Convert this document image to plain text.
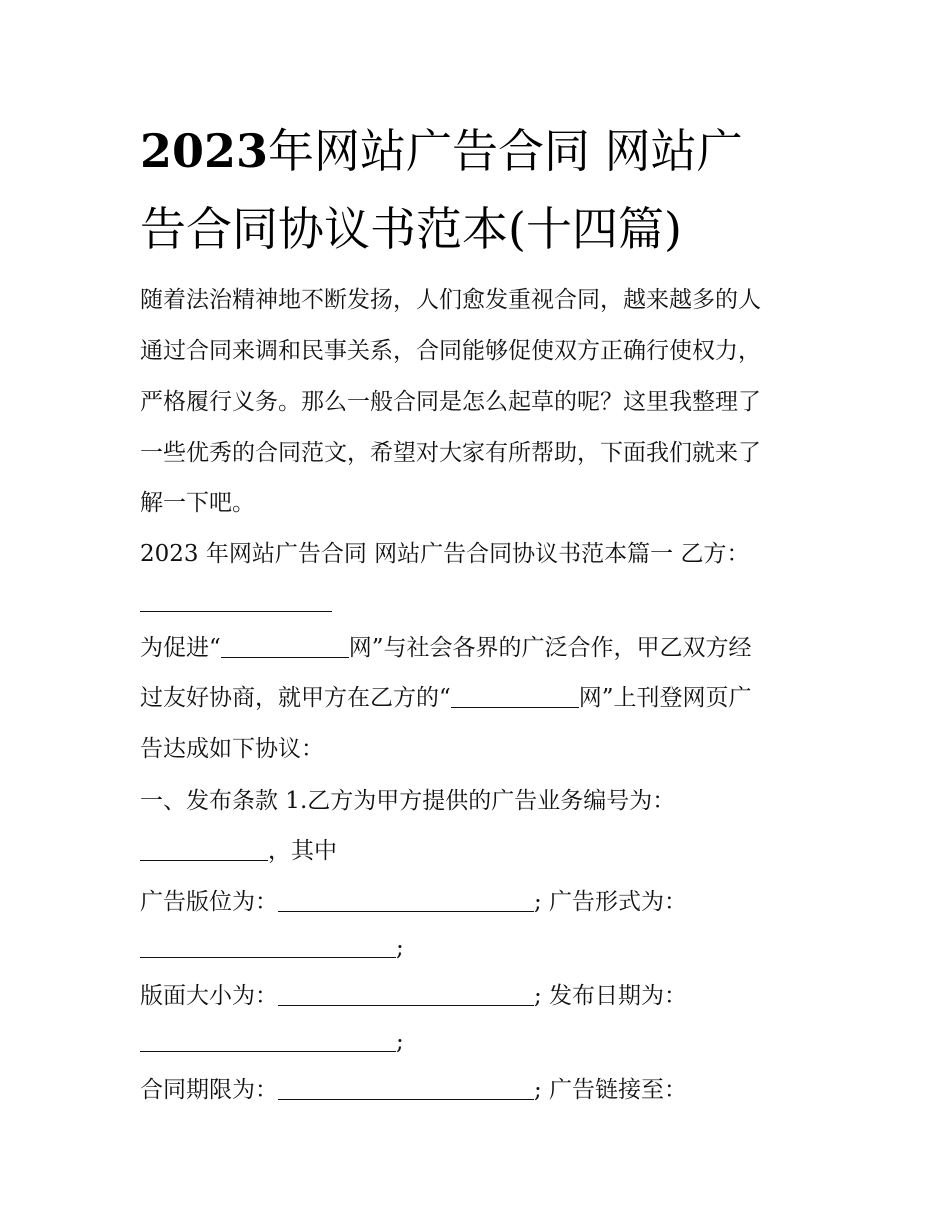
2023年网站广告合同 网站广
告合同协议书范本(十四篇)

随着法治精神地不断发扬，人们愈发重视合同，越来越多的人

通过合同来调和民事关系，合同能够促使双方正确行使权力，

严格履行义务。那么一般合同是怎么起草的呢？这里我整理了

一些优秀的合同范文，希望对大家有所帮助，下面我们就来了

解一下吧。

2023 年网站广告合同 网站广告合同协议书范本篇一 乙方：

为促进“	网”与社会各界的广泛合作，甲乙双方经

过友好协商，就甲方在乙方的“	网”上刊登网页广

告达成如下协议：

一、发布条款 1.乙方为甲方提供的广告业务编号为：

，其中

广告版位为：	; 广告形式为：

;

版面大小为：	; 发布日期为：

;

合同期限为：	; 广告链接至：
